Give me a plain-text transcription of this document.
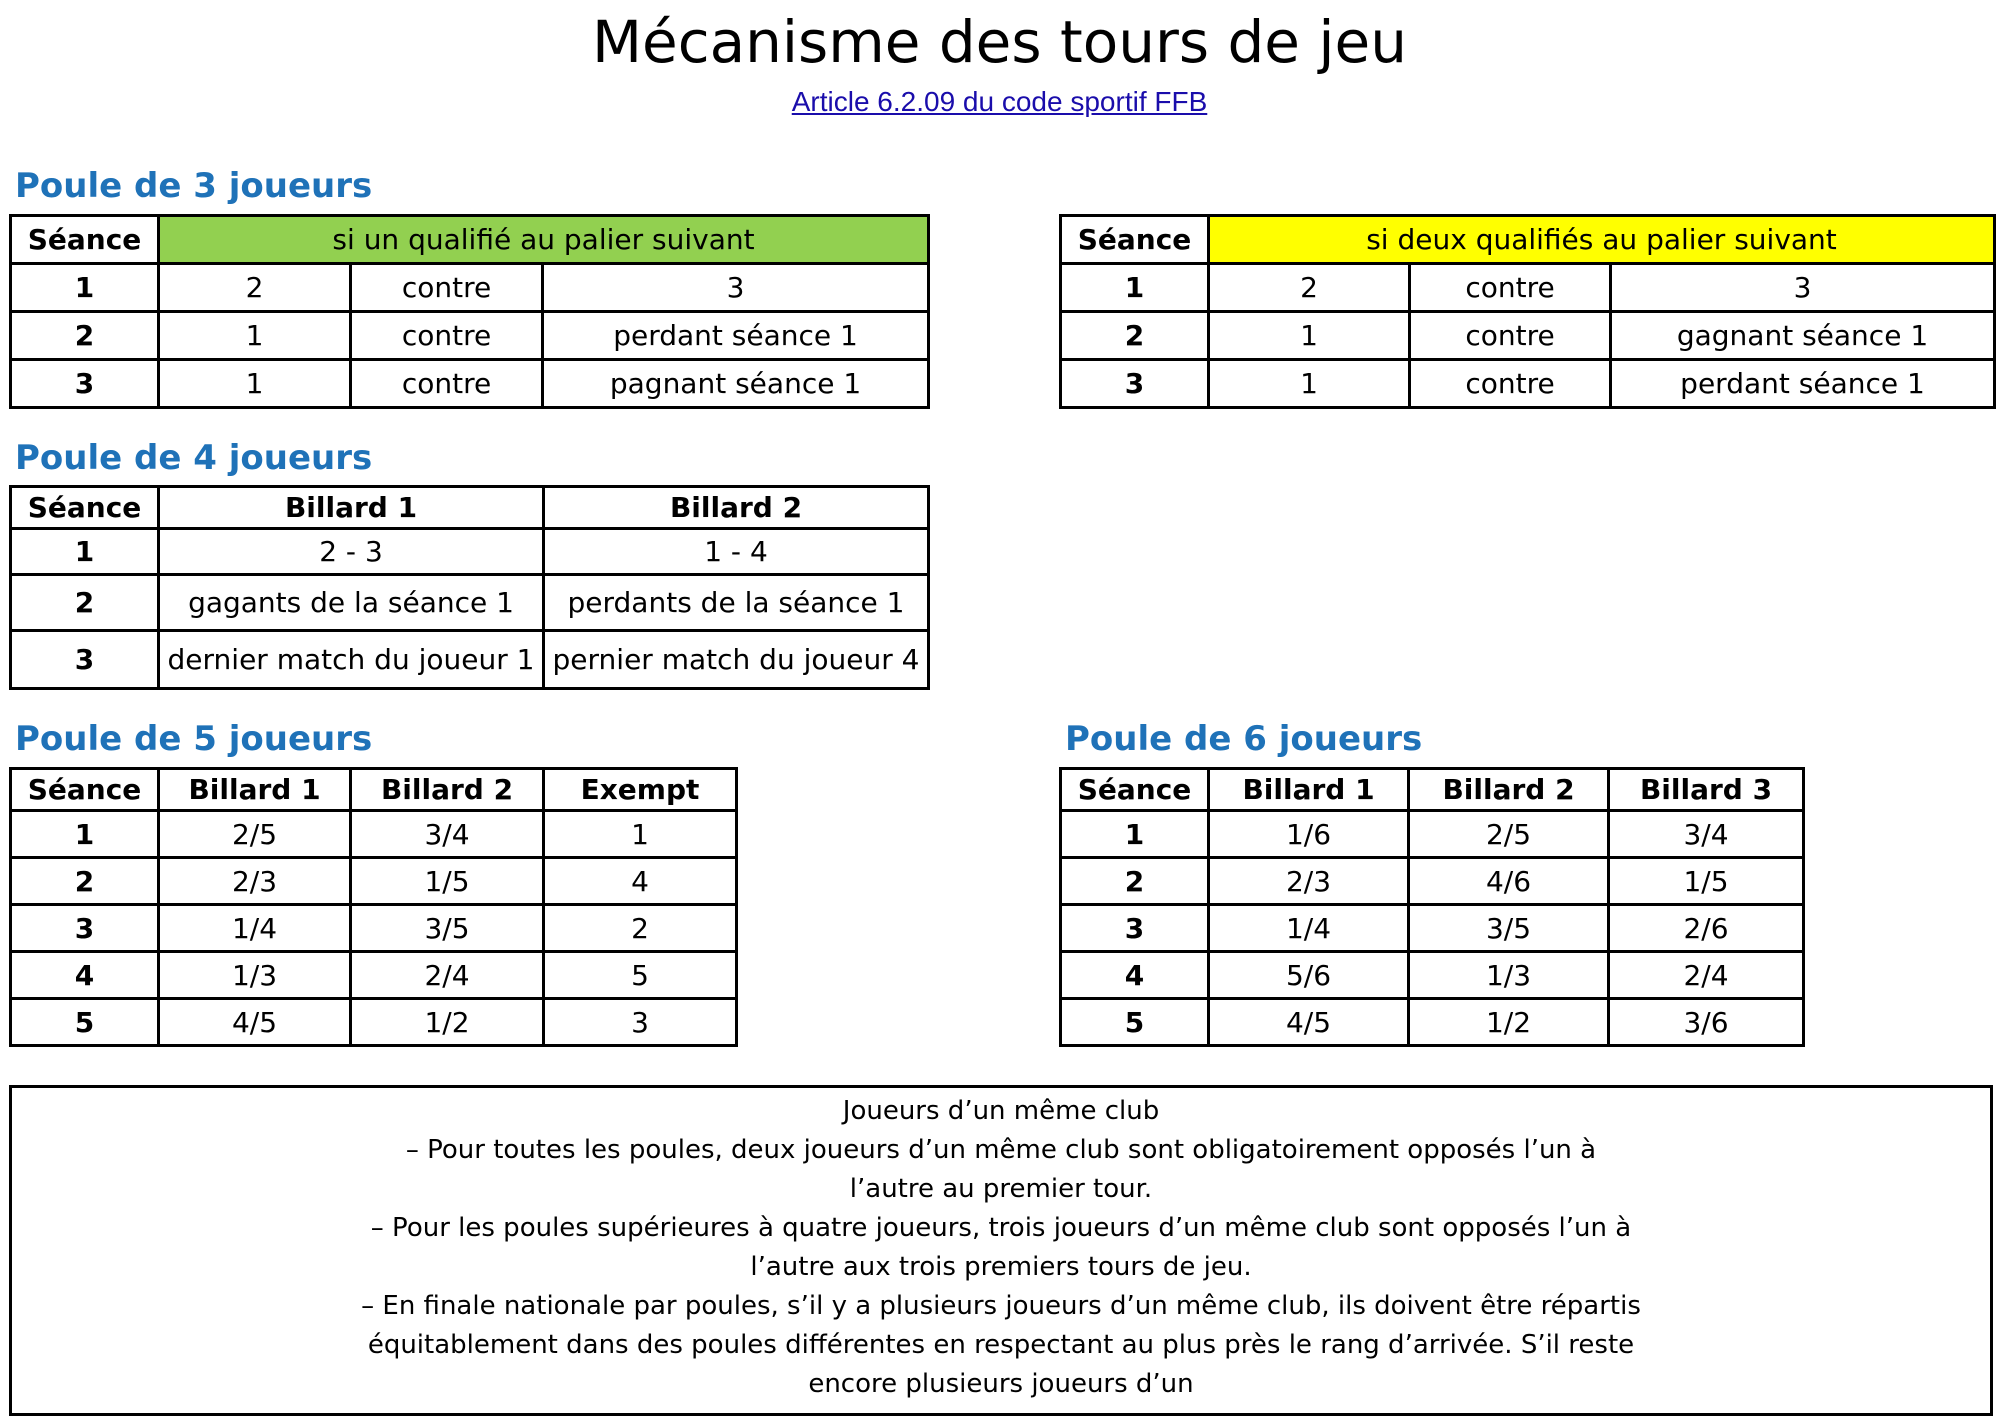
Mécanisme des tours de jeu
Article 6.2.09 du code sportif FFB
Poule de 3 joueurs
Séance	si un qualifié au palier suivant		
1	2	contre	3
2	1	contre	perdant séance 1
3	1	contre	pagnant séance 1
Séance	si deux qualifiés au palier suivant		
1	2	contre	3
2	1	contre	gagnant séance 1
3	1	contre	perdant séance 1
Poule de 4 joueurs
Séance	Billard 1	Billard 2
1	2 - 3	1 - 4
2	gagants de la séance 1	perdants de la séance 1
3	dernier match du joueur 1	pernier match du joueur 4
Poule de 5 joueurs
Séance	Billard 1	Billard 2	Exempt
1	2/5	3/4	1
2	2/3	1/5	4
3	1/4	3/5	2
4	1/3	2/4	5
5	4/5	1/2	3
Poule de 6 joueurs
Séance	Billard 1	Billard 2	Billard 3
1	1/6	2/5	3/4
2	2/3	4/6	1/5
3	1/4	3/5	2/6
4	5/6	1/3	2/4
5	4/5	1/2	3/6
Joueurs d’un même club
– Pour toutes les poules, deux joueurs d’un même club sont obligatoirement opposés l’un à l’autre au premier tour.
– Pour les poules supérieures à quatre joueurs, trois joueurs d’un même club sont opposés l’un à l’autre aux trois premiers tours de jeu.
– En finale nationale par poules, s’il y a plusieurs joueurs d’un même club, ils doivent être répartis équitablement dans des poules différentes en respectant au plus près le rang d’arrivée. S’il reste encore plusieurs joueurs d’un
